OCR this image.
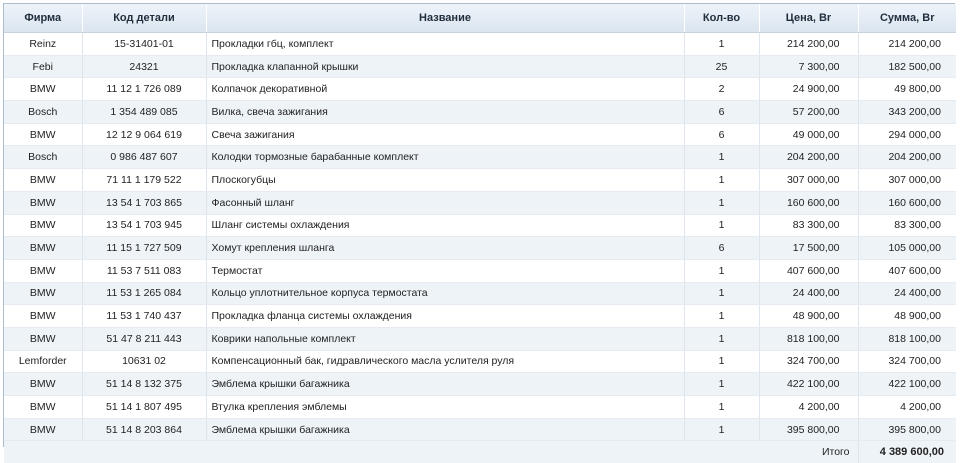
Фирма	Код детали	Название	Кол-во	Цена, Br	Сумма, Br
Reinz	15-31401-01	Прокладки гбц, комплект	1	214 200,00	214 200,00
Febi	24321	Прокладка клапанной крышки	25	7 300,00	182 500,00
BMW	11 12 1 726 089	Колпачок декоративной	2	24 900,00	49 800,00
Bosch	1 354 489 085	Вилка, свеча зажигания	6	57 200,00	343 200,00
BMW	12 12 9 064 619	Свеча зажигания	6	49 000,00	294 000,00
Bosch	0 986 487 607	Колодки тормозные барабанные комплект	1	204 200,00	204 200,00
BMW	71 11 1 179 522	Плоскогубцы	1	307 000,00	307 000,00
BMW	13 54 1 703 865	Фасонный шланг	1	160 600,00	160 600,00
BMW	13 54 1 703 945	Шланг системы охлаждения	1	83 300,00	83 300,00
BMW	11 15 1 727 509	Хомут крепления шланга	6	17 500,00	105 000,00
BMW	11 53 7 511 083	Термостат	1	407 600,00	407 600,00
BMW	11 53 1 265 084	Кольцо уплотнительное корпуса термостата	1	24 400,00	24 400,00
BMW	11 53 1 740 437	Прокладка фланца системы охлаждения	1	48 900,00	48 900,00
BMW	51 47 8 211 443	Коврики напольные комплект	1	818 100,00	818 100,00
Lemforder	10631 02	Компенсационный бак, гидравлического масла услителя руля	1	324 700,00	324 700,00
BMW	51 14 8 132 375	Эмблема крышки багажника	1	422 100,00	422 100,00
BMW	51 14 1 807 495	Втулка крепления эмблемы	1	4 200,00	4 200,00
BMW	51 14 8 203 864	Эмблема крышки багажника	1	395 800,00	395 800,00
Итого					4 389 600,00
